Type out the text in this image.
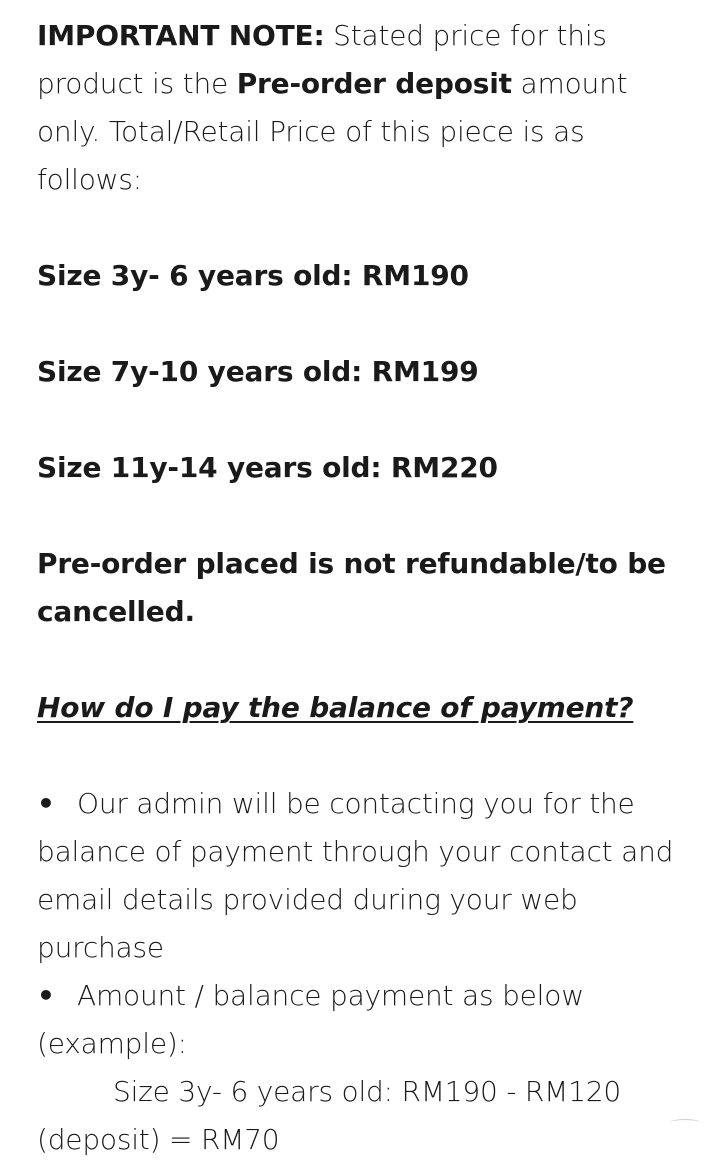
IMPORTANT NOTE: Stated price for this product is the Pre-order deposit amount only. Total/Retail Price of this piece is as follows:

Size 3y- 6 years old: RM190

Size 7y-10 years old: RM199

Size 11y-14 years old: RM220

Pre-order placed is not refundable/to be cancelled.

How do I pay the balance of payment?

• Our admin will be contacting you for the balance of payment through your contact and email details provided during your web purchase

• Amount / balance payment as below (example):

Size 3y- 6 years old: RM190 - RM120 (deposit) = RM70
